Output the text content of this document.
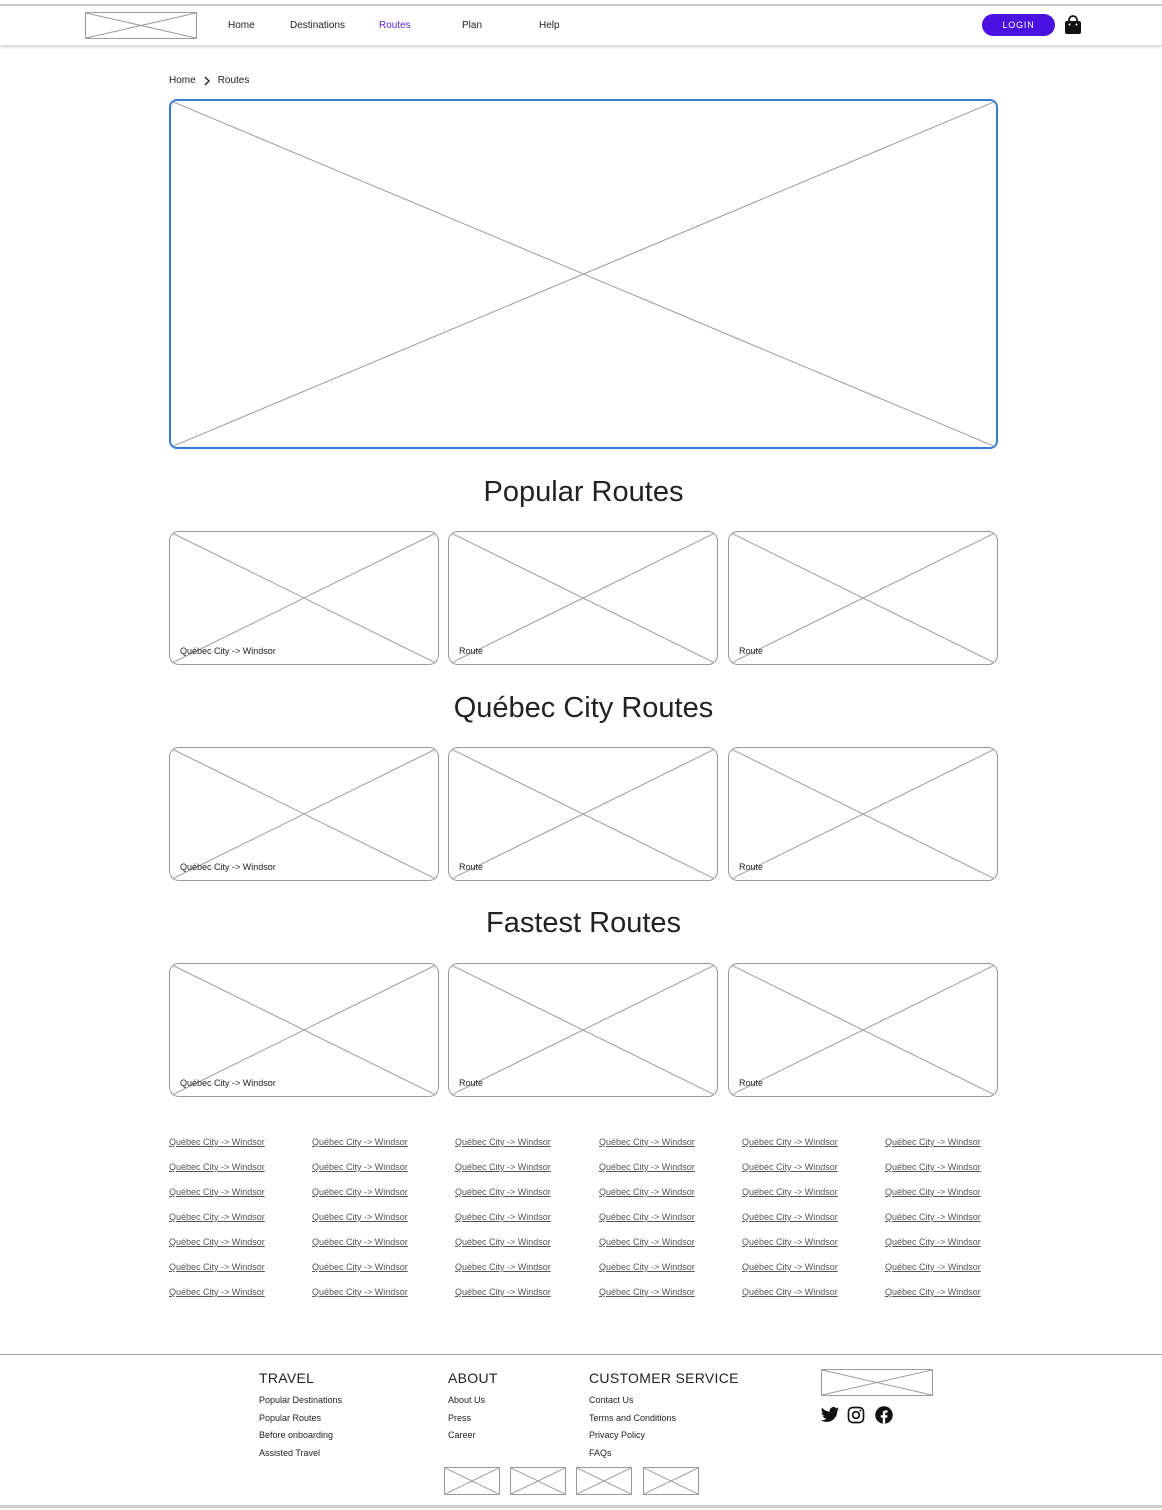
Home	Destinations	Routes	Plan	Help	LOGIN
Home Routes
Popular Routes
Québec City -> Windsor	Route	Route
Québec City Routes
Québec City -> Windsor	Route	Route
Fastest Routes
Québec City -> Windsor	Route	Route
Québec City -> Windsor	Québec City -> Windsor	Québec City -> Windsor	Québec City -> Windsor	Québec City -> Windsor	Québec City -> Windsor
Québec City -> Windsor	Québec City -> Windsor	Québec City -> Windsor	Québec City -> Windsor	Québec City -> Windsor	Québec City -> Windsor
Québec City -> Windsor	Québec City -> Windsor	Québec City -> Windsor	Québec City -> Windsor	Québec City -> Windsor	Québec City -> Windsor
Québec City -> Windsor	Québec City -> Windsor	Québec City -> Windsor	Québec City -> Windsor	Québec City -> Windsor	Québec City -> Windsor
Québec City -> Windsor	Québec City -> Windsor	Québec City -> Windsor	Québec City -> Windsor	Québec City -> Windsor	Québec City -> Windsor
Québec City -> Windsor	Québec City -> Windsor	Québec City -> Windsor	Québec City -> Windsor	Québec City -> Windsor	Québec City -> Windsor
Québec City -> Windsor	Québec City -> Windsor	Québec City -> Windsor	Québec City -> Windsor	Québec City -> Windsor	Québec City -> Windsor
TRAVEL
Popular Destinations
Popular Routes
Before onboarding
Assisted Travel
ABOUT
About Us
Press
Career
CUSTOMER SERVICE
Contact Us
Terms and Conditions
Privacy Policy
FAQs
